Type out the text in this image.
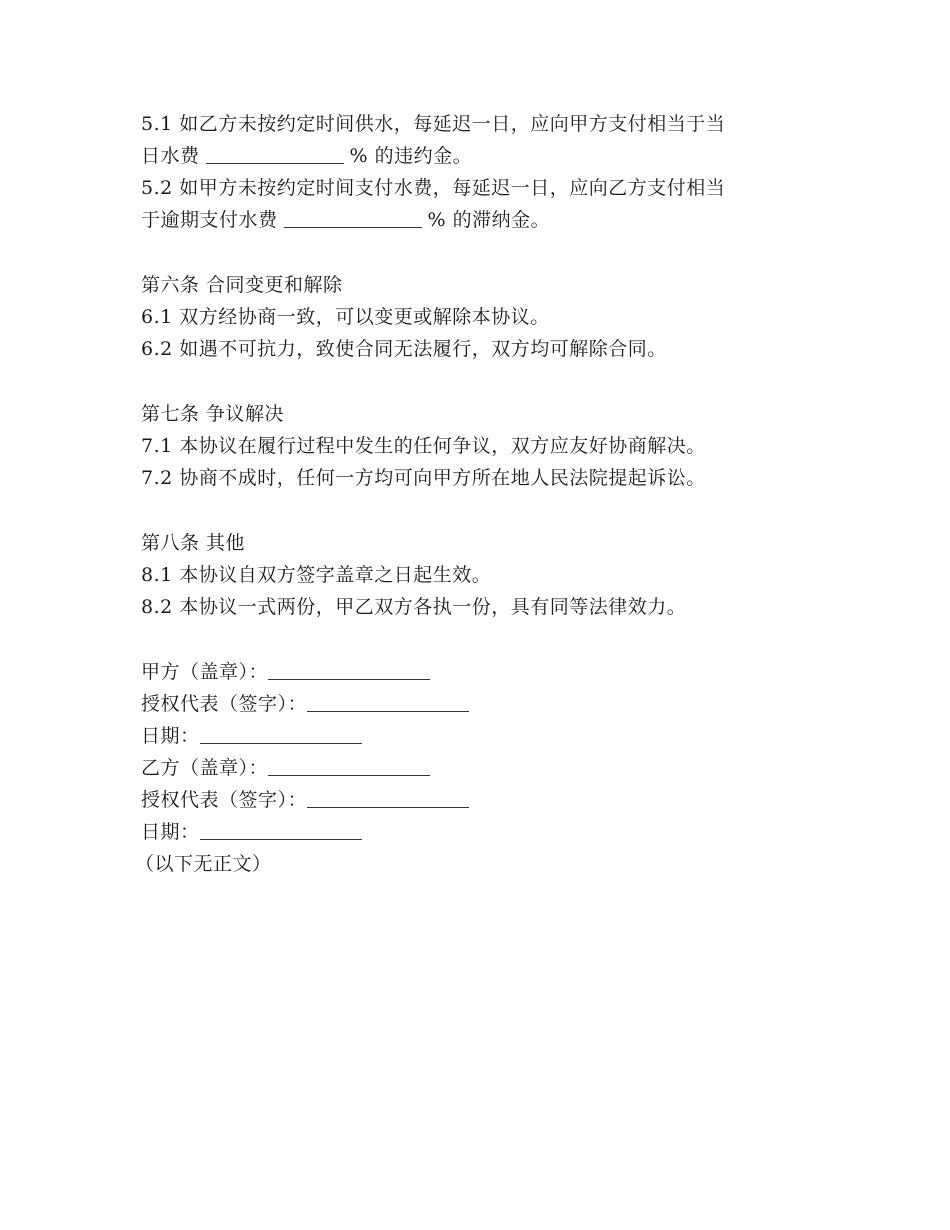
5.1 如乙方未按约定时间供水，每延迟一日，应向甲方支付相当于当
日水费	% 的违约金。
5.2 如甲方未按约定时间支付水费，每延迟一日，应向乙方支付相当
于逾期支付水费	% 的滞纳金。
第六条 合同变更和解除
6.1 双方经协商一致，可以变更或解除本协议。
6.2 如遇不可抗力，致使合同无法履行，双方均可解除合同。
第七条 争议解决
7.1 本协议在履行过程中发生的任何争议，双方应友好协商解决。
7.2 协商不成时，任何一方均可向甲方所在地人民法院提起诉讼。
第八条 其他
8.1 本协议自双方签字盖章之日起生效。
8.2 本协议一式两份，甲乙双方各执一份，具有同等法律效力。
甲方（盖章）：
授权代表（签字）：
日期：
乙方（盖章）：
授权代表（签字）：
日期：
（以下无正文）
